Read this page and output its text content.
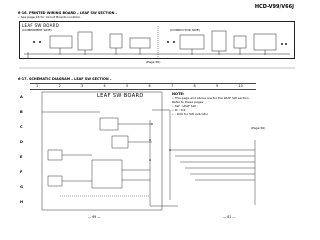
HCD-V99/V66J
6-16. PRINTED WIRING BOARD – LEAF SW SECTION –
• See page 16 for Circuit Boards Location.
LEAF SW BOARD
(COMPONENT SIDE)	(CONDUCTOR SIDE)
(Page 56)
6-17. SCHEMATIC DIAGRAM – LEAF SW SECTION –
1	2	3	4	5	6	7	8	9	10
A
B
C
D
E
F
G
H
LEAF SW BOARD
(Page 56)
NOTE:
• This page and above are for the LEAF SW section.
Refer to these pages.
• SW : LEAF SW
• IC : IC2
• : LDO for SW indicator
— 69 —	— 81 —
